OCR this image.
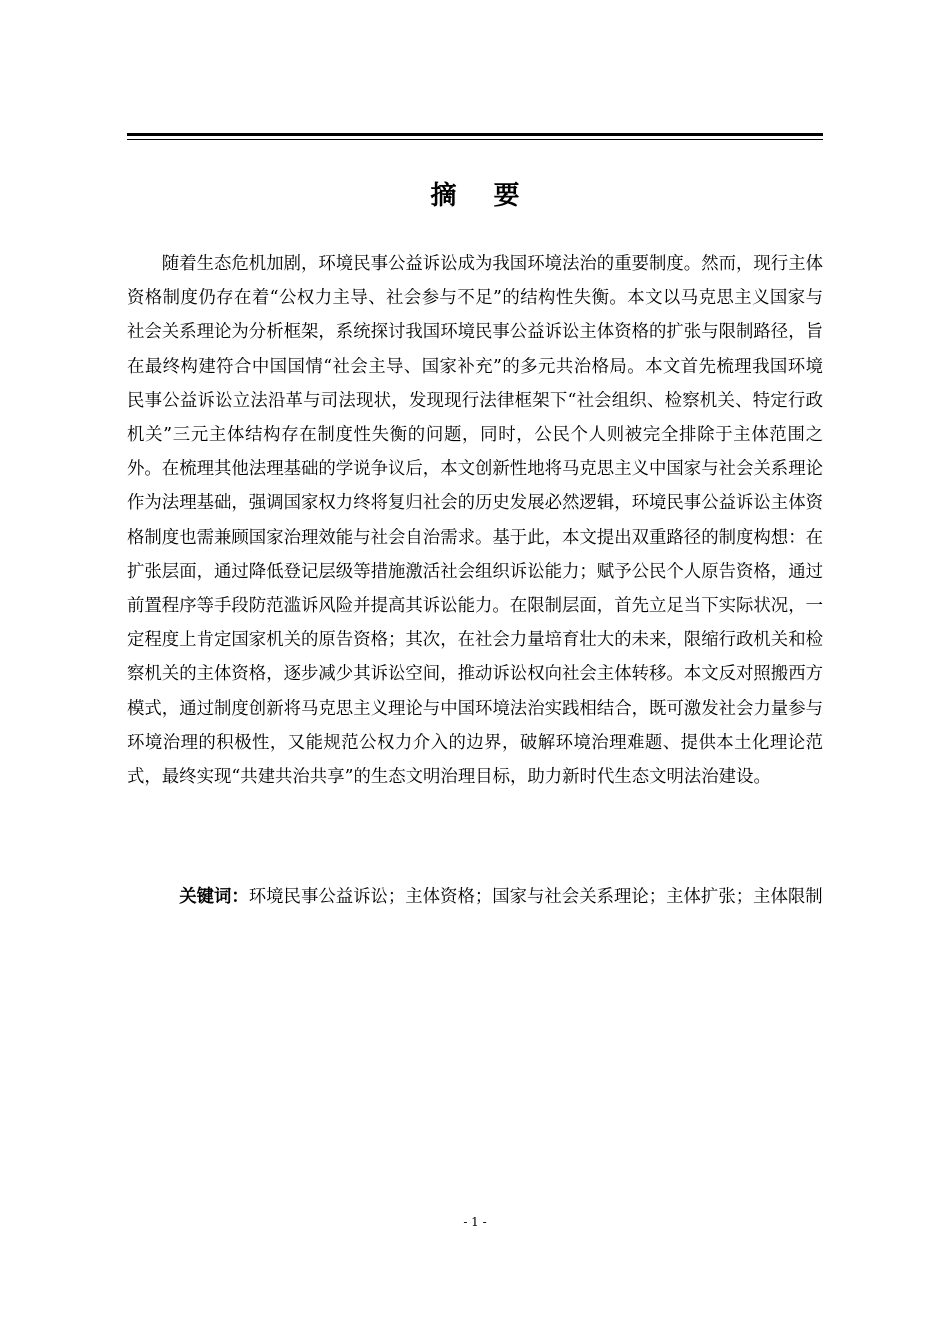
摘 要

随着生态危机加剧，环境民事公益诉讼成为我国环境法治的重要制度。然而，现行主体资格制度仍存在着“公权力主导、社会参与不足”的结构性失衡。本文以马克思主义国家与社会关系理论为分析框架，系统探讨我国环境民事公益诉讼主体资格的扩张与限制路径，旨在最终构建符合中国国情“社会主导、国家补充”的多元共治格局。本文首先梳理我国环境民事公益诉讼立法沿革与司法现状，发现现行法律框架下“社会组织、检察机关、特定行政机关”三元主体结构存在制度性失衡的问题，同时，公民个人则被完全排除于主体范围之外。在梳理其他法理基础的学说争议后，本文创新性地将马克思主义中国家与社会关系理论作为法理基础，强调国家权力终将复归社会的历史发展必然逻辑，环境民事公益诉讼主体资格制度也需兼顾国家治理效能与社会自治需求。基于此，本文提出双重路径的制度构想：在扩张层面，通过降低登记层级等措施激活社会组织诉讼能力；赋予公民个人原告资格，通过前置程序等手段防范滥诉风险并提高其诉讼能力。在限制层面，首先立足当下实际状况，一定程度上肯定国家机关的原告资格；其次，在社会力量培育壮大的未来，限缩行政机关和检察机关的主体资格，逐步减少其诉讼空间，推动诉讼权向社会主体转移。本文反对照搬西方模式，通过制度创新将马克思主义理论与中国环境法治实践相结合，既可激发社会力量参与环境治理的积极性，又能规范公权力介入的边界，破解环境治理难题、提供本土化理论范式，最终实现“共建共治共享”的生态文明治理目标，助力新时代生态文明法治建设。

关键词：环境民事公益诉讼；主体资格；国家与社会关系理论；主体扩张；主体限制

- 1 -
